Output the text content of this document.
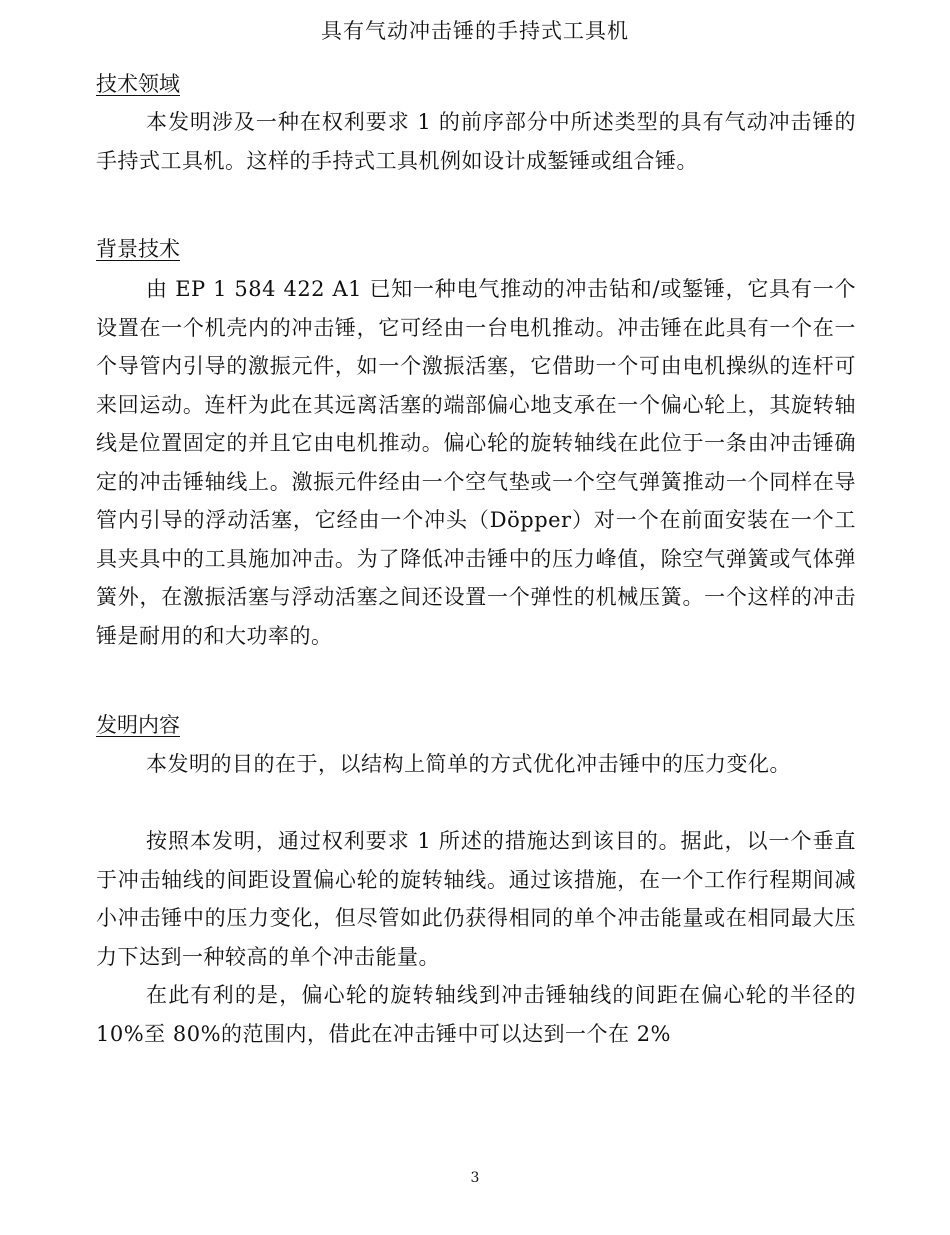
具有气动冲击锤的手持式工具机
技术领域
本发明涉及一种在权利要求 1 的前序部分中所述类型的具有气动冲击锤的手持式工具机。这样的手持式工具机例如设计成錾锤或组合锤。
背景技术
由 EP 1 584 422 A1 已知一种电气推动的冲击钻和/或錾锤，它具有一个设置在一个机壳内的冲击锤，它可经由一台电机推动。冲击锤在此具有一个在一个导管内引导的激振元件，如一个激振活塞，它借助一个可由电机操纵的连杆可来回运动。连杆为此在其远离活塞的端部偏心地支承在一个偏心轮上，其旋转轴线是位置固定的并且它由电机推动。偏心轮的旋转轴线在此位于一条由冲击锤确定的冲击锤轴线上。激振元件经由一个空气垫或一个空气弹簧推动一个同样在导管内引导的浮动活塞，它经由一个冲头（Döpper）对一个在前面安装在一个工具夹具中的工具施加冲击。为了降低冲击锤中的压力峰值，除空气弹簧或气体弹簧外，在激振活塞与浮动活塞之间还设置一个弹性的机械压簧。一个这样的冲击锤是耐用的和大功率的。
发明内容
本发明的目的在于，以结构上简单的方式优化冲击锤中的压力变化。
按照本发明，通过权利要求 1 所述的措施达到该目的。据此，以一个垂直于冲击轴线的间距设置偏心轮的旋转轴线。通过该措施，在一个工作行程期间减小冲击锤中的压力变化，但尽管如此仍获得相同的单个冲击能量或在相同最大压力下达到一种较高的单个冲击能量。
在此有利的是，偏心轮的旋转轴线到冲击锤轴线的间距在偏心轮的半径的 10%至 80%的范围内，借此在冲击锤中可以达到一个在 2%
3
